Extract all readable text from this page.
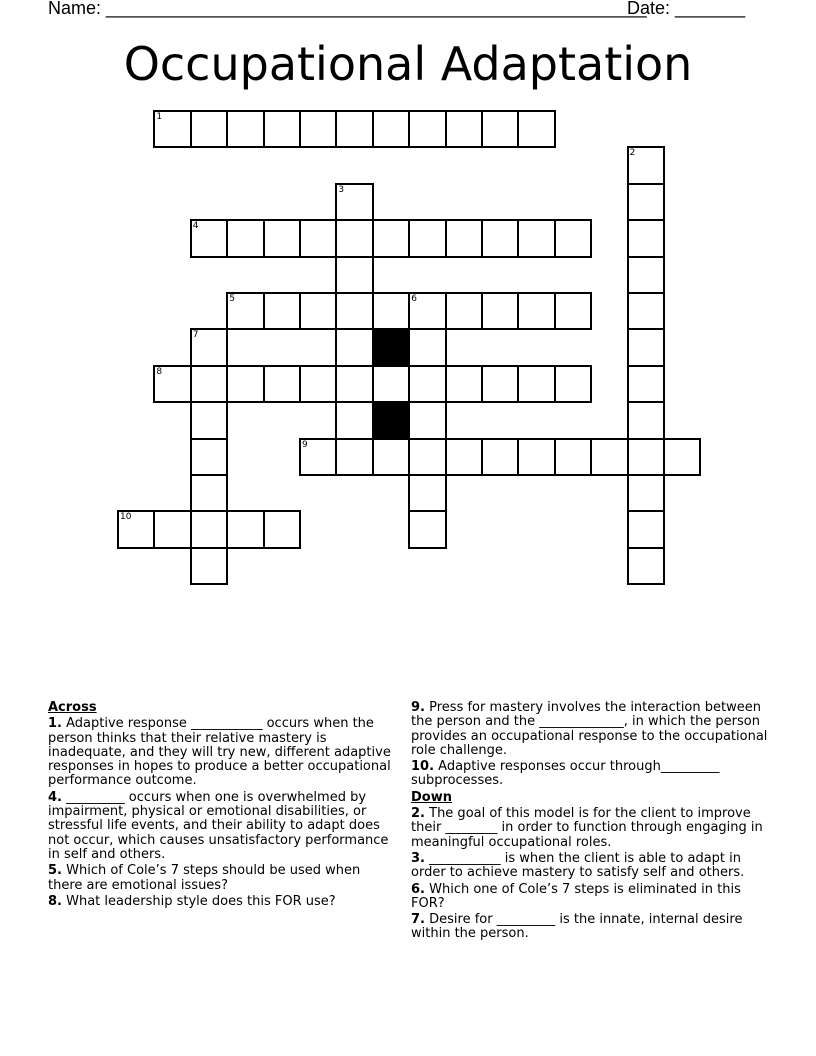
Name: ______________________________________________________
Date: _______
Occupational Adaptation
1
2
3
4
5	6
7
8
9
10
Across
1. Adaptive response ___________ occurs when the person thinks that their relative mastery is inadequate, and they will try new, different adaptive responses in hopes to produce a better occupational performance outcome.
4. _________ occurs when one is overwhelmed by impairment, physical or emotional disabilities, or stressful life events, and their ability to adapt does not occur, which causes unsatisfactory performance in self and others.
5. Which of Cole’s 7 steps should be used when there are emotional issues?
8. What leadership style does this FOR use?
9. Press for mastery involves the interaction between the person and the _____________, in which the person provides an occupational response to the occupational role challenge.
10. Adaptive responses occur through_________ subprocesses.
Down
2. The goal of this model is for the client to improve their ________ in order to function through engaging in meaningful occupational roles.
3. ___________ is when the client is able to adapt in order to achieve mastery to satisfy self and others.
6. Which one of Cole’s 7 steps is eliminated in this FOR?
7. Desire for _________ is the innate, internal desire within the person.
